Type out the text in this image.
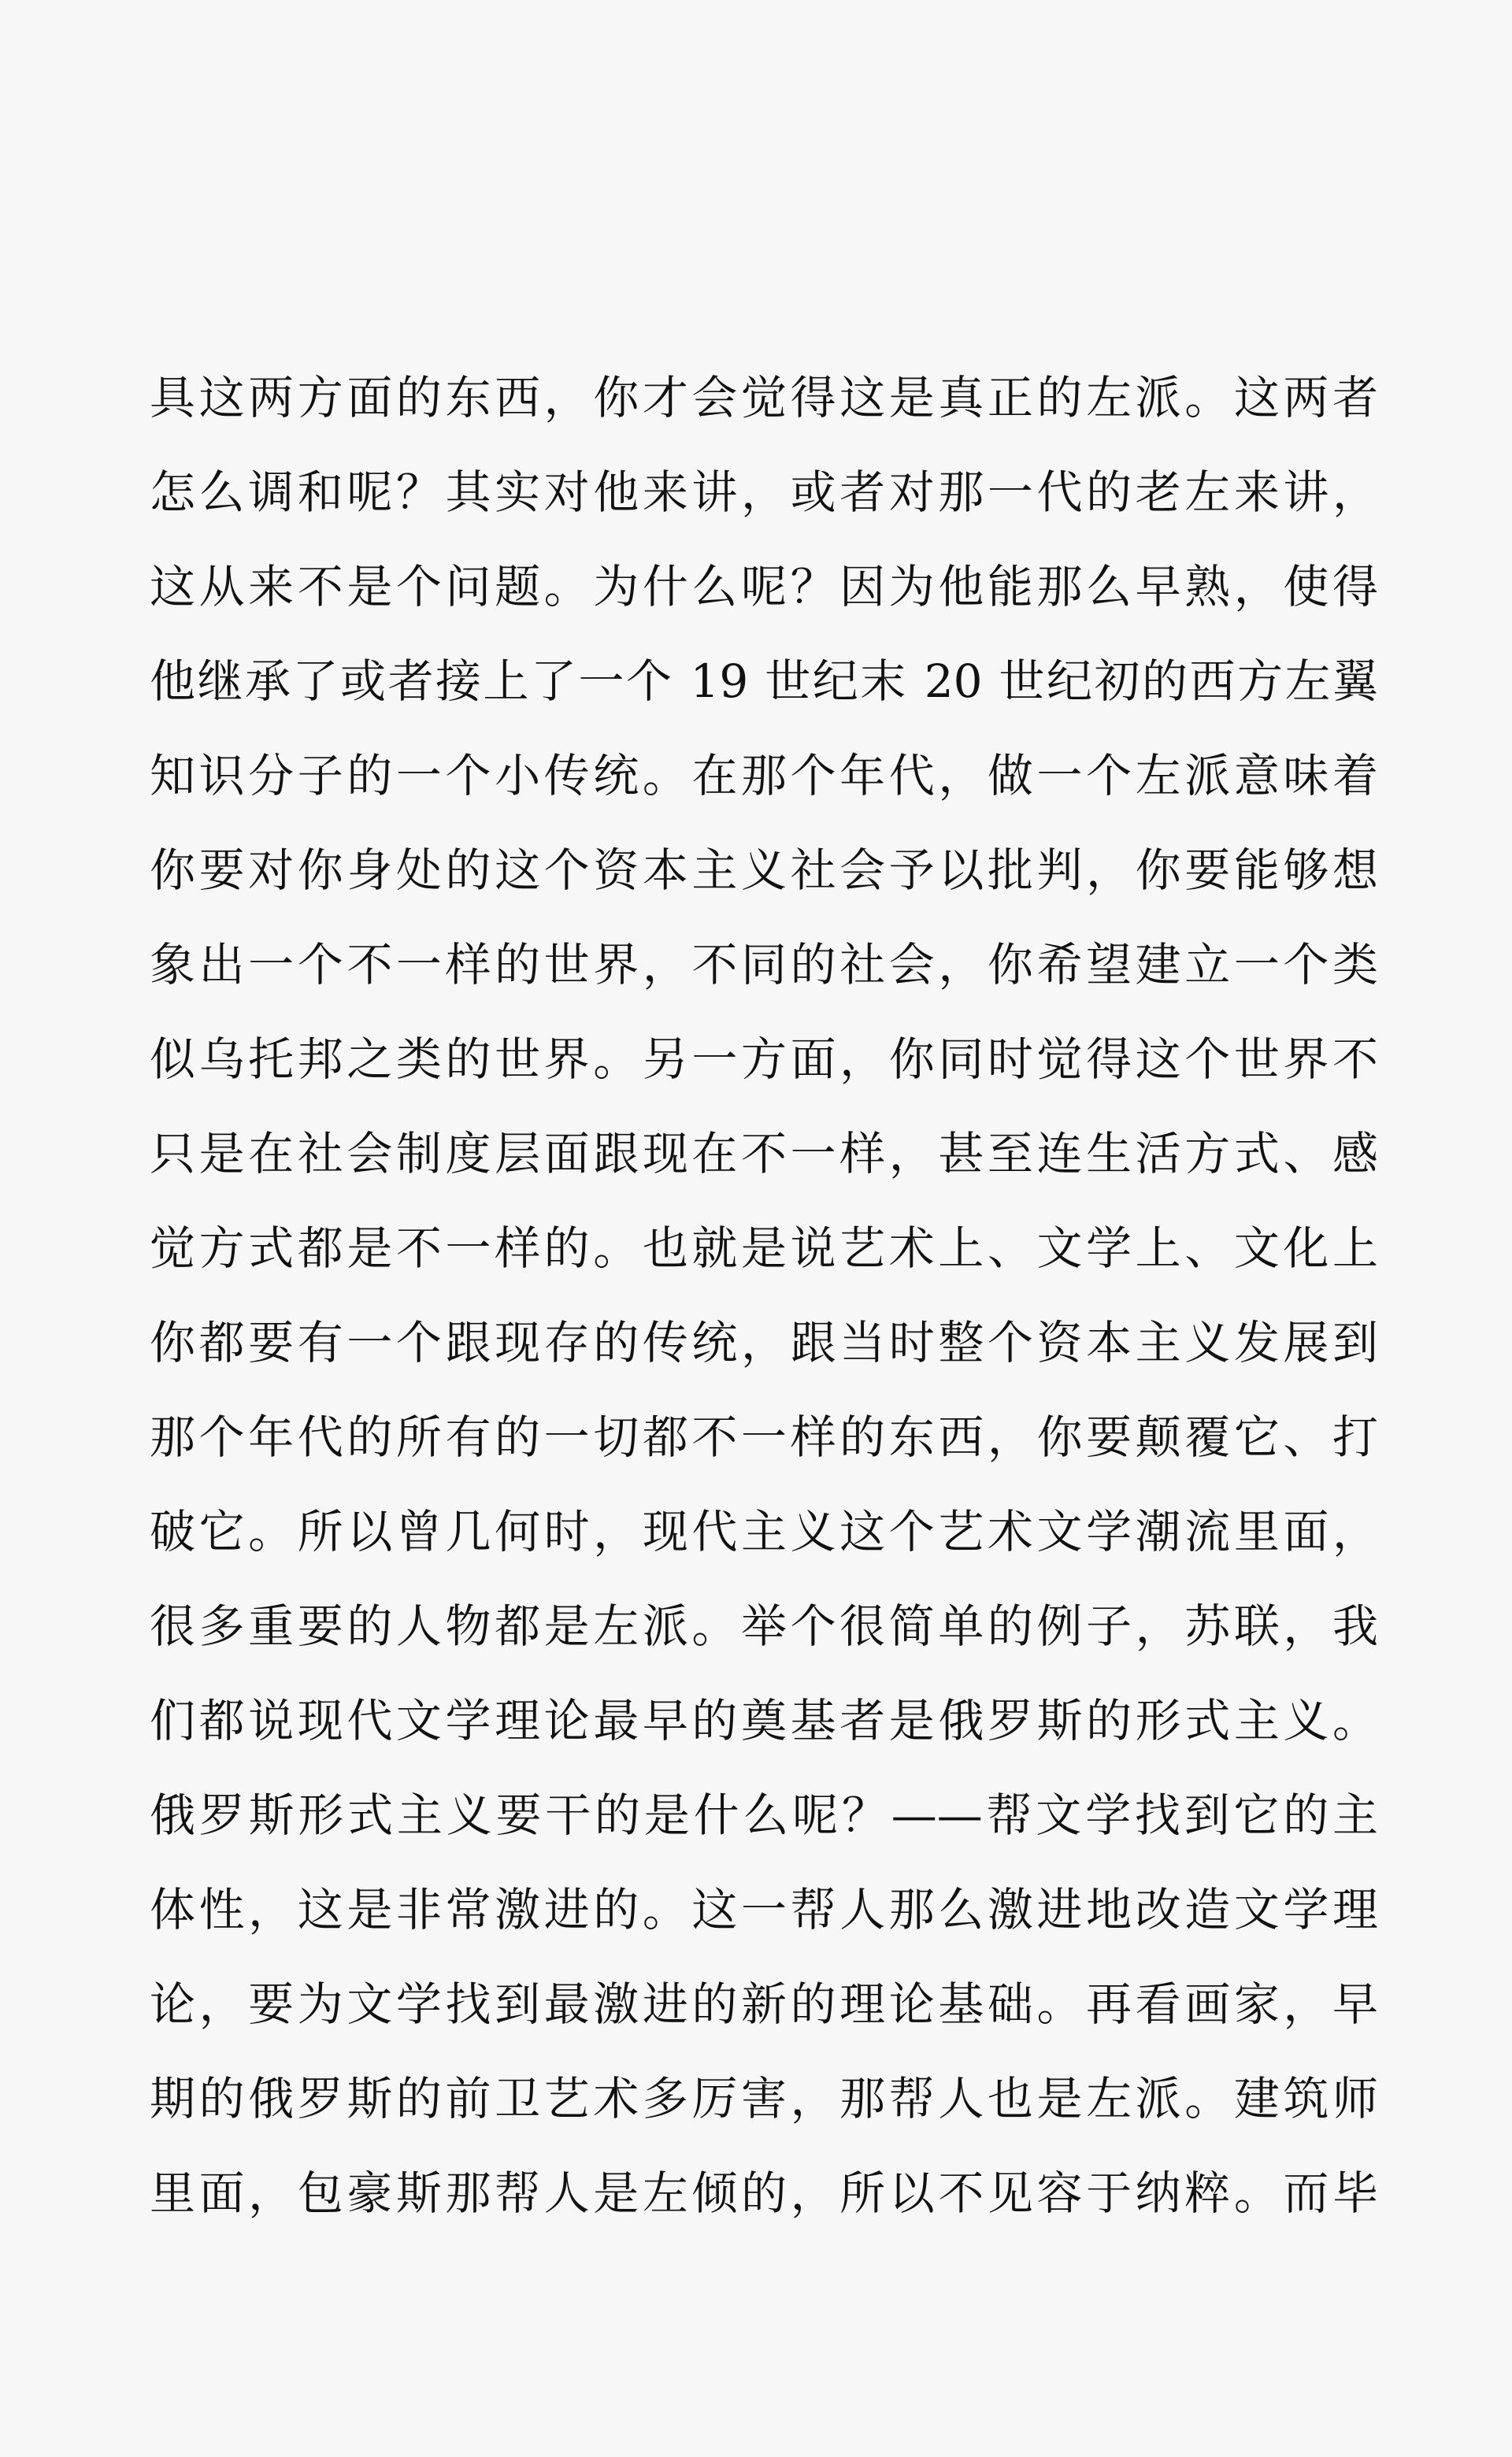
具这两方面的东西，你才会觉得这是真正的左派。这两者
怎么调和呢？其实对他来讲，或者对那一代的老左来讲，
这从来不是个问题。为什么呢？因为他能那么早熟，使得
他继承了或者接上了一个 19 世纪末 20 世纪初的西方左翼
知识分子的一个小传统。在那个年代，做一个左派意味着
你要对你身处的这个资本主义社会予以批判，你要能够想
象出一个不一样的世界，不同的社会，你希望建立一个类
似乌托邦之类的世界。另一方面，你同时觉得这个世界不
只是在社会制度层面跟现在不一样，甚至连生活方式、感
觉方式都是不一样的。也就是说艺术上、文学上、文化上
你都要有一个跟现存的传统，跟当时整个资本主义发展到
那个年代的所有的一切都不一样的东西，你要颠覆它、打
破它。所以曾几何时，现代主义这个艺术文学潮流里面，
很多重要的人物都是左派。举个很简单的例子，苏联，我
们都说现代文学理论最早的奠基者是俄罗斯的形式主义。
俄罗斯形式主义要干的是什么呢？——帮文学找到它的主
体性，这是非常激进的。这一帮人那么激进地改造文学理
论，要为文学找到最激进的新的理论基础。再看画家，早
期的俄罗斯的前卫艺术多厉害，那帮人也是左派。建筑师
里面，包豪斯那帮人是左倾的，所以不见容于纳粹。而毕
